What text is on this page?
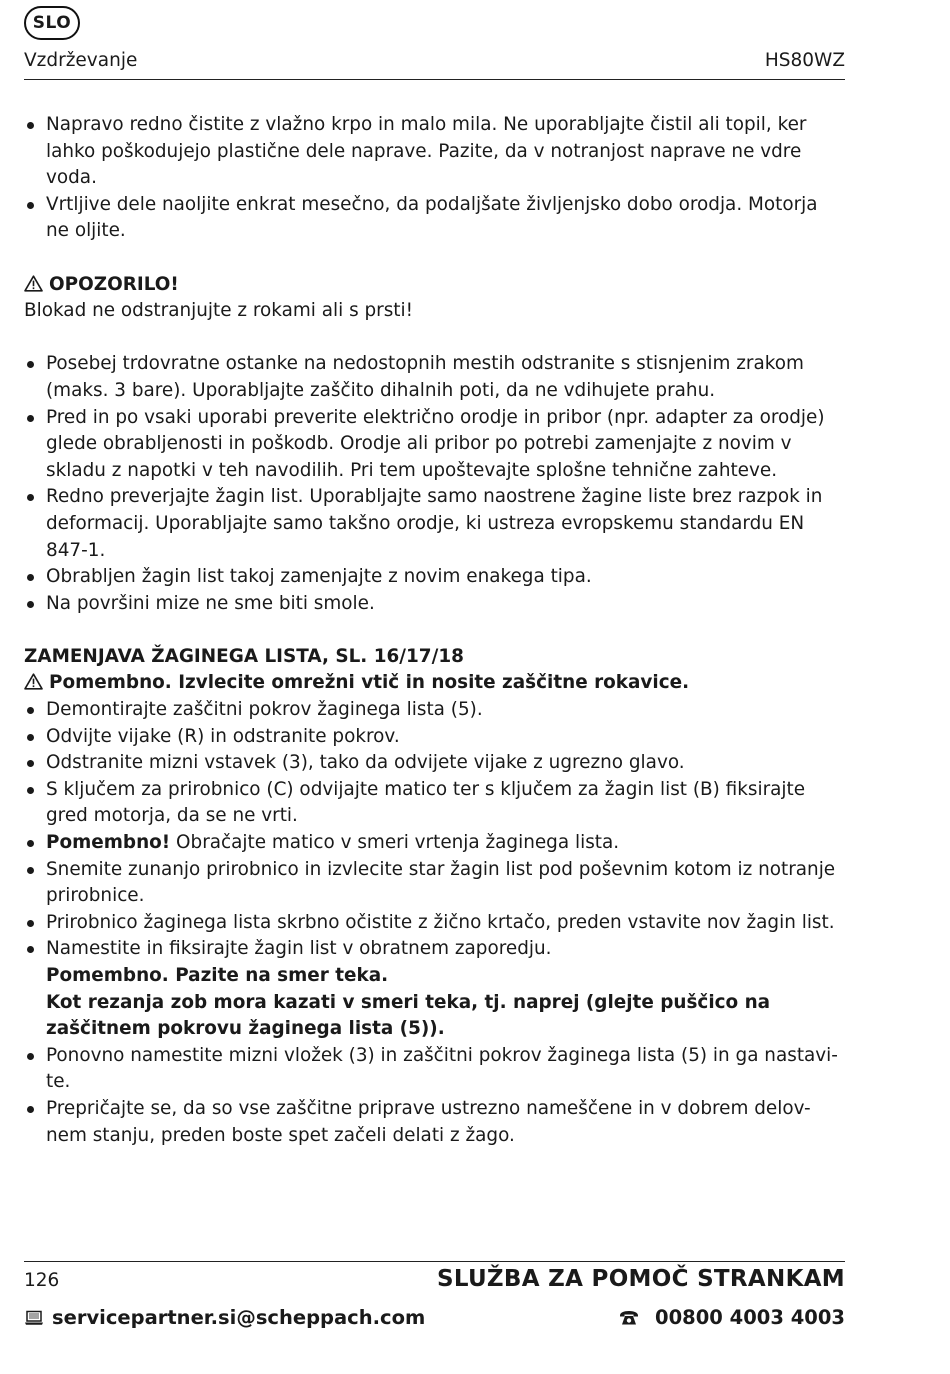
SLO
Vzdrževanje	HS80WZ
Napravo redno čistite z vlažno krpo in malo mila. Ne uporabljajte čistil ali topil, ker lahko poškodujejo plastične dele naprave. Pazite, da v notranjost naprave ne vdre voda.
Vrtljive dele naoljite enkrat mesečno, da podaljšate življenjsko dobo orodja. Motorja ne oljite.
OPOZORILO!
Blokad ne odstranjujte z rokami ali s prsti!
Posebej trdovratne ostanke na nedostopnih mestih odstranite s stisnjenim zrakom (maks. 3 bare). Uporabljajte zaščito dihalnih poti, da ne vdihujete prahu.
Pred in po vsaki uporabi preverite električno orodje in pribor (npr. adapter za orodje) glede obrabljenosti in poškodb. Orodje ali pribor po potrebi zamenjajte z novim v skladu z napotki v teh navodilih. Pri tem upoštevajte splošne tehnične zahteve.
Redno preverjajte žagin list. Uporabljajte samo naostrene žagine liste brez razpok in deformacij. Uporabljajte samo takšno orodje, ki ustreza evropskemu standardu EN 847-1.
Obrabljen žagin list takoj zamenjajte z novim enakega tipa.
Na površini mize ne sme biti smole.
ZAMENJAVA ŽAGINEGA LISTA, SL. 16/17/18
Pomembno. Izvlecite omrežni vtič in nosite zaščitne rokavice.
Demontirajte zaščitni pokrov žaginega lista (5).
Odvijte vijake (R) in odstranite pokrov.
Odstranite mizni vstavek (3), tako da odvijete vijake z ugrezno glavo.
S ključem za prirobnico (C) odvijajte matico ter s ključem za žagin list (B) fiksirajte gred motorja, da se ne vrti.
Pomembno! Obračajte matico v smeri vrtenja žaginega lista.
Snemite zunanjo prirobnico in izvlecite star žagin list pod poševnim kotom iz notranje prirobnice.
Prirobnico žaginega lista skrbno očistite z žično krtačo, preden vstavite nov žagin list.
Namestite in fiksirajte žagin list v obratnem zaporedju.
Pomembno. Pazite na smer teka.
Kot rezanja zob mora kazati v smeri teka, tj. naprej (glejte puščico na zaščitnem pokrovu žaginega lista (5)).
Ponovno namestite mizni vložek (3) in zaščitni pokrov žaginega lista (5) in ga nastavi-te.
Prepričajte se, da so vse zaščitne priprave ustrezno nameščene in v dobrem delov-nem stanju, preden boste spet začeli delati z žago.
126	SLUŽBA ZA POMOČ STRANKAM
servicepartner.si@scheppach.com	00800 4003 4003
